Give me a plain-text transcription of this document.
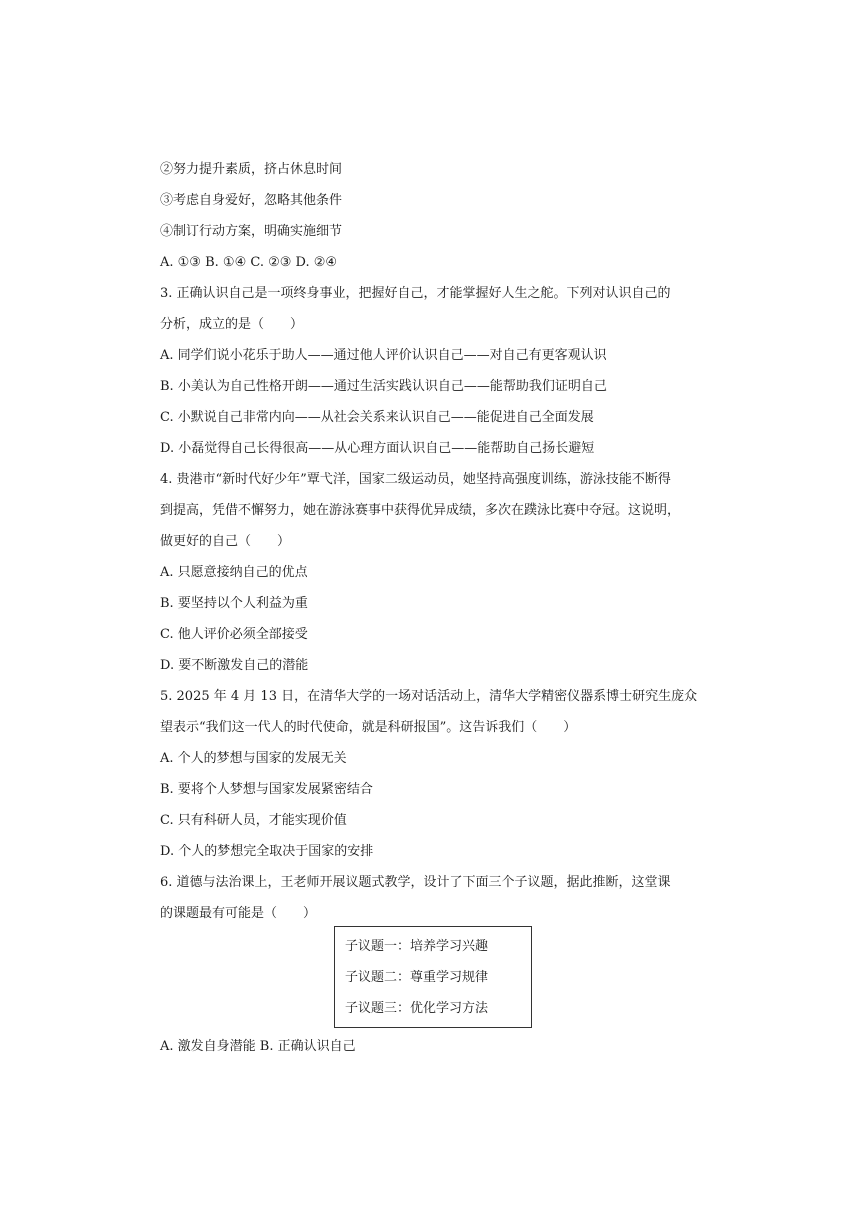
②努力提升素质，挤占休息时间
③考虑自身爱好，忽略其他条件
④制订行动方案，明确实施细节
A. ①③ B. ①④ C. ②③ D. ②④
3. 正确认识自己是一项终身事业，把握好自己，才能掌握好人生之舵。下列对认识自己的
分析，成立的是（　　）
A. 同学们说小花乐于助人——通过他人评价认识自己——对自己有更客观认识
B. 小美认为自己性格开朗——通过生活实践认识自己——能帮助我们证明自己
C. 小默说自己非常内向——从社会关系来认识自己——能促进自己全面发展
D. 小磊觉得自己长得很高——从心理方面认识自己——能帮助自己扬长避短
4. 贵港市“新时代好少年”覃弋洋，国家二级运动员，她坚持高强度训练，游泳技能不断得
到提高，凭借不懈努力，她在游泳赛事中获得优异成绩，多次在蹼泳比赛中夺冠。这说明，
做更好的自己（　　）
A. 只愿意接纳自己的优点
B. 要坚持以个人利益为重
C. 他人评价必须全部接受
D. 要不断激发自己的潜能
5. 2025 年 4 月 13 日，在清华大学的一场对话活动上，清华大学精密仪器系博士研究生庞众
望表示“我们这一代人的时代使命，就是科研报国”。这告诉我们（　　）
A. 个人的梦想与国家的发展无关
B. 要将个人梦想与国家发展紧密结合
C. 只有科研人员，才能实现价值
D. 个人的梦想完全取决于国家的安排
6. 道德与法治课上，王老师开展议题式教学，设计了下面三个子议题，据此推断，这堂课
的课题最有可能是（　　）
子议题一：培养学习兴趣
子议题二：尊重学习规律
子议题三：优化学习方法
A. 激发自身潜能 B. 正确认识自己
